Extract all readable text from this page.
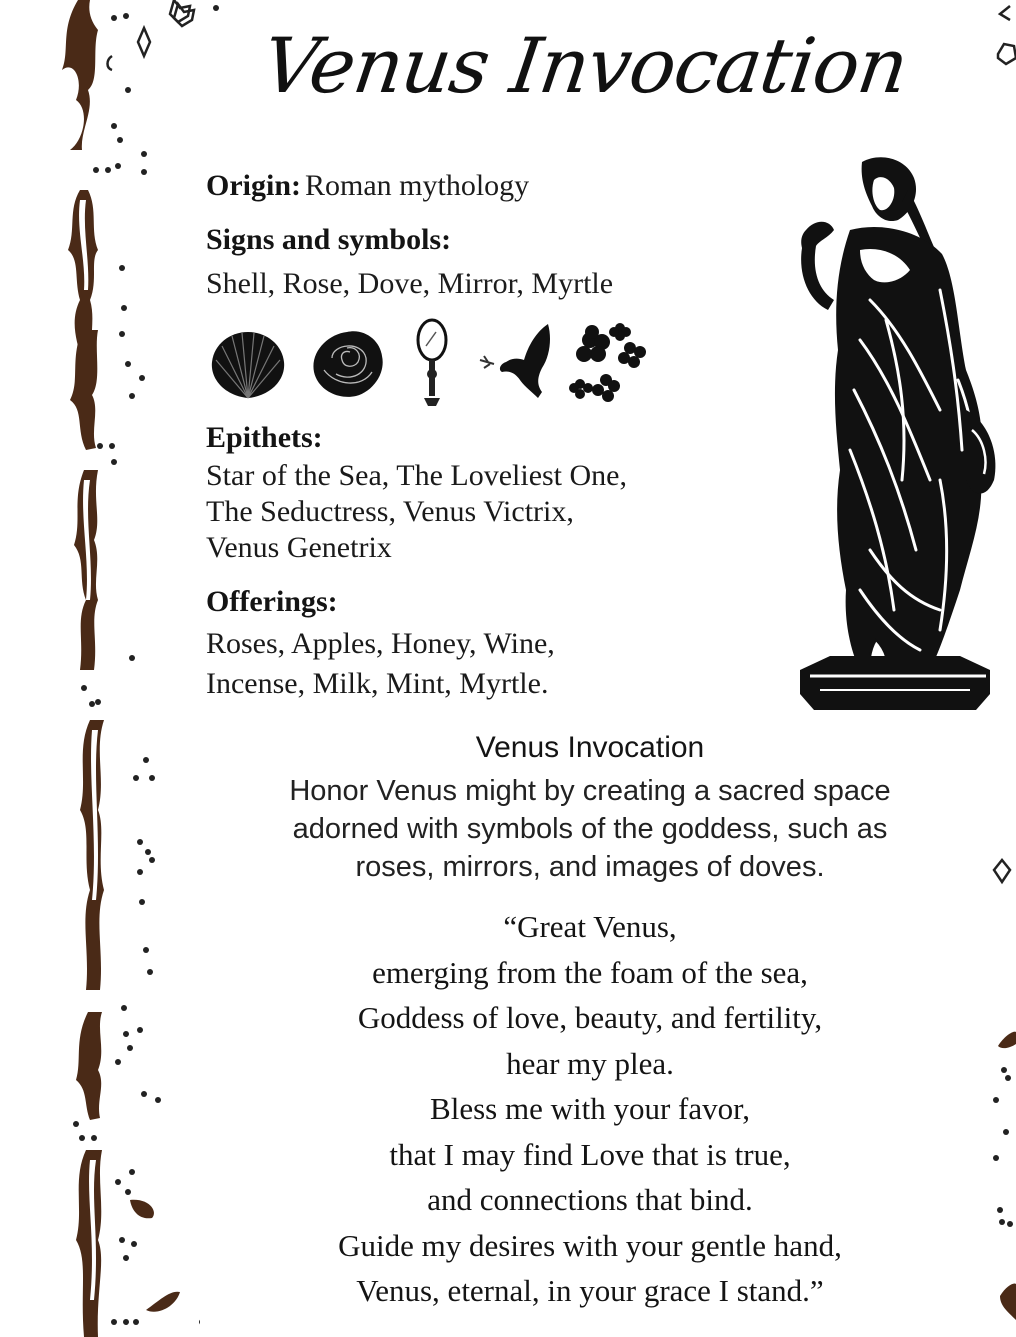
Venus Invocation
Origin: Roman mythology
Signs and symbols:
Shell, Rose, Dove, Mirror, Myrtle
Epithets:
Star of the Sea, The Loveliest One,
The Seductress, Venus Victrix,
Venus Genetrix
Offerings:
Roses, Apples, Honey, Wine,
Incense, Milk, Mint, Myrtle.
Venus Invocation
Honor Venus might by creating a sacred space
adorned with symbols of the goddess, such as
roses, mirrors, and images of doves.
“Great Venus,
emerging from the foam of the sea,
Goddess of love, beauty, and fertility,
hear my plea.
Bless me with your favor,
that I may find Love that is true,
and connections that bind.
Guide my desires with your gentle hand,
Venus, eternal, in your grace I stand.”
